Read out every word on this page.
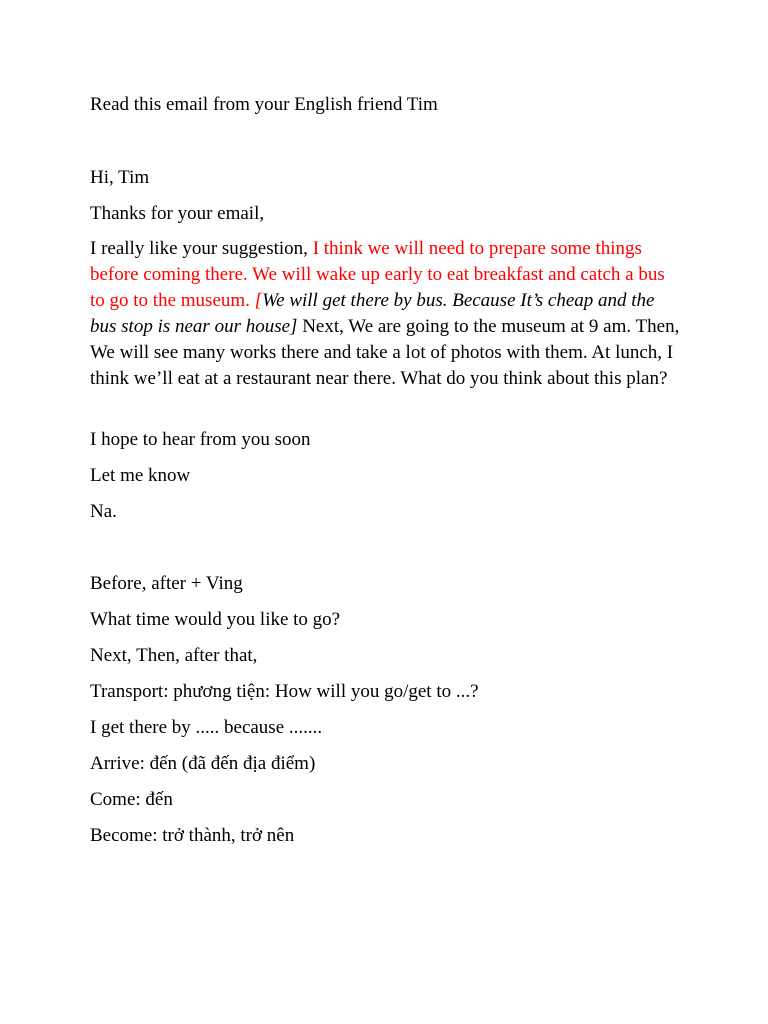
Read this email from your English friend Tim
Hi, Tim
Thanks for your email,
I really like your suggestion, I think we will need to prepare some things before coming there. We will wake up early to eat breakfast and catch a bus to go to the museum. [We will get there by bus. Because It’s cheap and the bus stop is near our house] Next, We are going to the museum at 9 am. Then, We will see many works there and take a lot of photos with them. At lunch, I think we’ll eat at a restaurant near there. What do you think about this plan?
I hope to hear from you soon
Let me know
Na.
Before, after + Ving
What time would you like to go?
Next, Then, after that,
Transport: phương tiện: How will you go/get to ...?
I get there by ..... because .......
Arrive: đến (đã đến địa điểm)
Come: đến
Become: trở thành, trở nên
